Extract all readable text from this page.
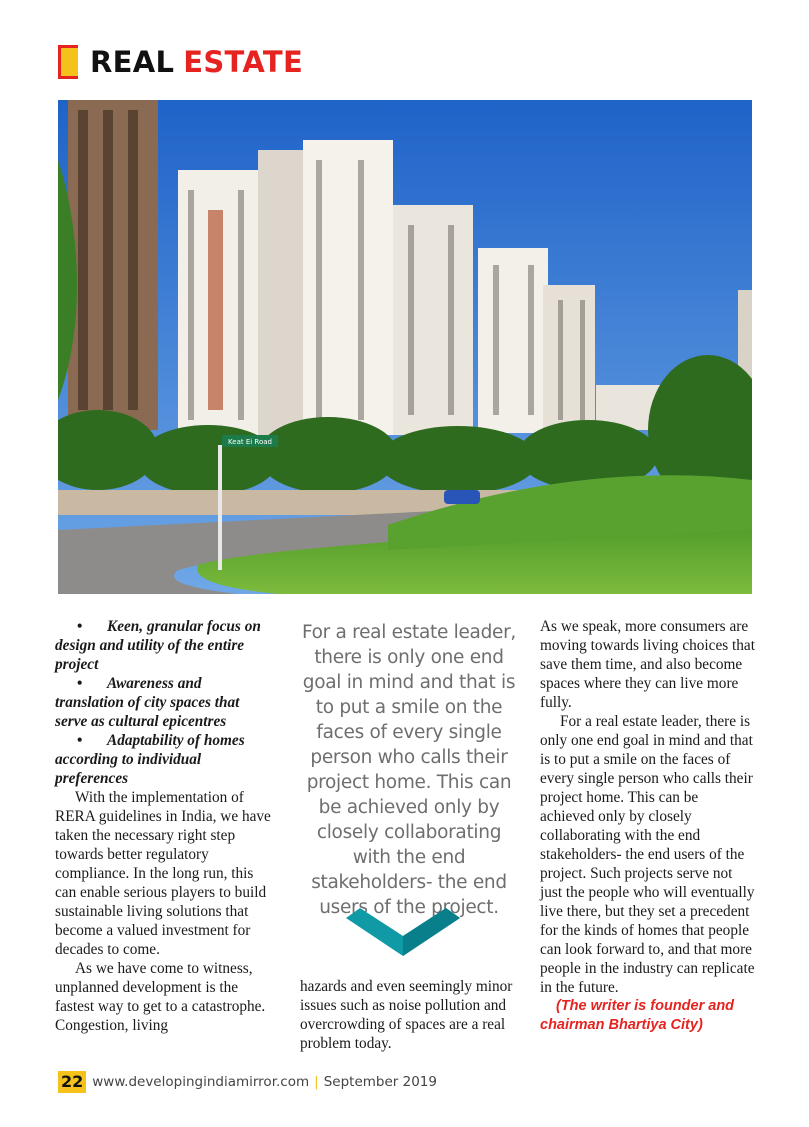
REAL ESTATE
Keat Ei Road

• Keen, granular focus on design and utility of the entire project

• Awareness and translation of city spaces that serve as cultural epicentres

• Adaptability of homes according to individual preferences

With the implementation of RERA guidelines in India, we have taken the necessary right step towards better regulatory compliance. In the long run, this can enable serious players to build sustainable living solutions that become a valued investment for decades to come.

As we have come to witness, unplanned development is the fastest way to get to a catastrophe. Congestion, living

For a real estate leader, there is only one end goal in mind and that is to put a smile on the faces of every single person who calls their project home. This can be achieved only by closely collaborating with the end stakeholders- the end users of the project.

hazards and even seemingly minor issues such as noise pollution and overcrowding of spaces are a real problem today.

As we speak, more consumers are moving towards living choices that save them time, and also become spaces where they can live more fully.

For a real estate leader, there is only one end goal in mind and that is to put a smile on the faces of every single person who calls their project home. This can be achieved only by closely collaborating with the end stakeholders- the end users of the project. Such projects serve not just the people who will eventually live there, but they set a precedent for the kinds of homes that people can look forward to, and that more people in the industry can replicate in the future.

(The writer is founder and chairman Bhartiya City)

22 www.developingindiamirror.com | September 2019
